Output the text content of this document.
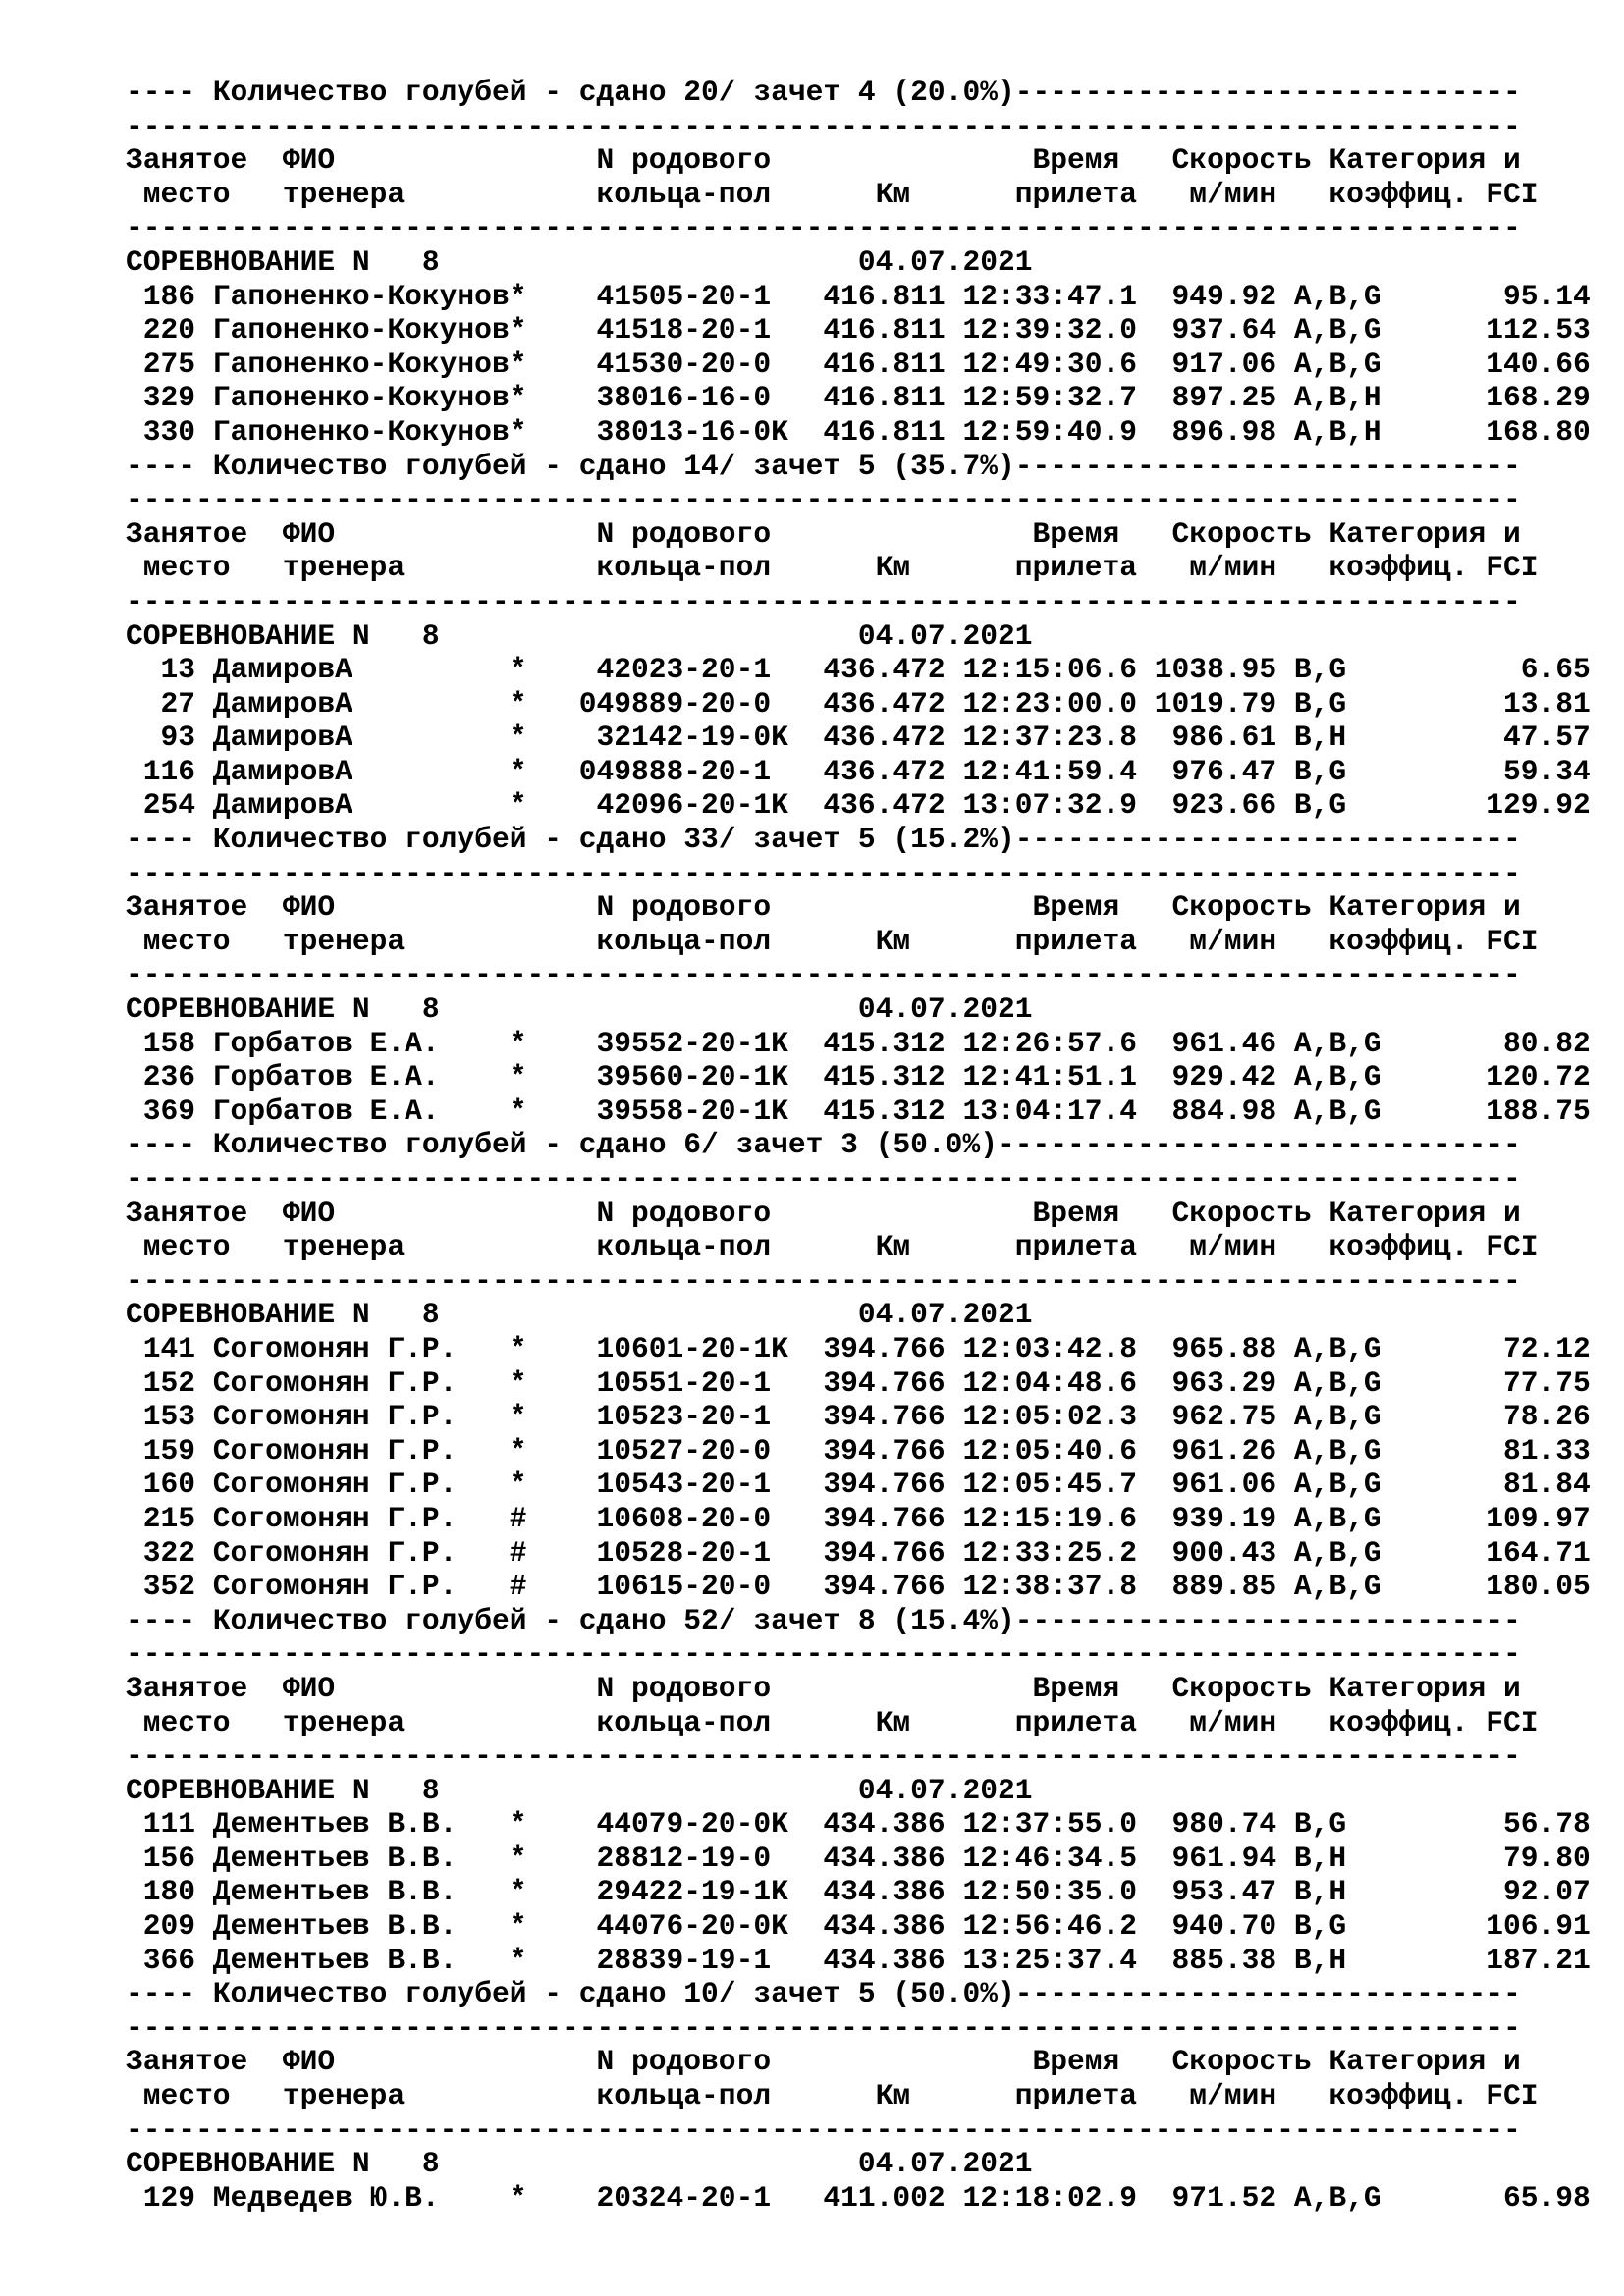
---- Количество голубей - сдано 20/ зачет 4 (20.0%)-----------------------------
--------------------------------------------------------------------------------
Занятое  ФИО               N родового               Время   Скорость Категория и
место   тренера           кольца-пол      Км      прилета   м/мин   коэффиц. FCI
--------------------------------------------------------------------------------
СОРЕВНОВАНИЕ N   8                        04.07.2021
186 Гапоненко-Кокунов*    41505-20-1   416.811 12:33:47.1  949.92 A,B,G       95.14
220 Гапоненко-Кокунов*    41518-20-1   416.811 12:39:32.0  937.64 A,B,G      112.53
275 Гапоненко-Кокунов*    41530-20-0   416.811 12:49:30.6  917.06 A,B,G      140.66
329 Гапоненко-Кокунов*    38016-16-0   416.811 12:59:32.7  897.25 A,B,H      168.29
330 Гапоненко-Кокунов*    38013-16-0K  416.811 12:59:40.9  896.98 A,B,H      168.80
---- Количество голубей - сдано 14/ зачет 5 (35.7%)-----------------------------
--------------------------------------------------------------------------------
Занятое  ФИО               N родового               Время   Скорость Категория и
место   тренера           кольца-пол      Км      прилета   м/мин   коэффиц. FCI
--------------------------------------------------------------------------------
СОРЕВНОВАНИЕ N   8                        04.07.2021
13 ДамировА         *    42023-20-1   436.472 12:15:06.6 1038.95 B,G          6.65
27 ДамировА         *   049889-20-0   436.472 12:23:00.0 1019.79 B,G         13.81
93 ДамировА         *    32142-19-0K  436.472 12:37:23.8  986.61 B,H         47.57
116 ДамировА         *   049888-20-1   436.472 12:41:59.4  976.47 B,G         59.34
254 ДамировА         *    42096-20-1K  436.472 13:07:32.9  923.66 B,G        129.92
---- Количество голубей - сдано 33/ зачет 5 (15.2%)-----------------------------
--------------------------------------------------------------------------------
Занятое  ФИО               N родового               Время   Скорость Категория и
место   тренера           кольца-пол      Км      прилета   м/мин   коэффиц. FCI
--------------------------------------------------------------------------------
СОРЕВНОВАНИЕ N   8                        04.07.2021
158 Горбатов Е.А.    *    39552-20-1K  415.312 12:26:57.6  961.46 A,B,G       80.82
236 Горбатов Е.А.    *    39560-20-1K  415.312 12:41:51.1  929.42 A,B,G      120.72
369 Горбатов Е.А.    *    39558-20-1K  415.312 13:04:17.4  884.98 A,B,G      188.75
---- Количество голубей - сдано 6/ зачет 3 (50.0%)------------------------------
--------------------------------------------------------------------------------
Занятое  ФИО               N родового               Время   Скорость Категория и
место   тренера           кольца-пол      Км      прилета   м/мин   коэффиц. FCI
--------------------------------------------------------------------------------
СОРЕВНОВАНИЕ N   8                        04.07.2021
141 Согомонян Г.Р.   *    10601-20-1K  394.766 12:03:42.8  965.88 A,B,G       72.12
152 Согомонян Г.Р.   *    10551-20-1   394.766 12:04:48.6  963.29 A,B,G       77.75
153 Согомонян Г.Р.   *    10523-20-1   394.766 12:05:02.3  962.75 A,B,G       78.26
159 Согомонян Г.Р.   *    10527-20-0   394.766 12:05:40.6  961.26 A,B,G       81.33
160 Согомонян Г.Р.   *    10543-20-1   394.766 12:05:45.7  961.06 A,B,G       81.84
215 Согомонян Г.Р.   #    10608-20-0   394.766 12:15:19.6  939.19 A,B,G      109.97
322 Согомонян Г.Р.   #    10528-20-1   394.766 12:33:25.2  900.43 A,B,G      164.71
352 Согомонян Г.Р.   #    10615-20-0   394.766 12:38:37.8  889.85 A,B,G      180.05
---- Количество голубей - сдано 52/ зачет 8 (15.4%)-----------------------------
--------------------------------------------------------------------------------
Занятое  ФИО               N родового               Время   Скорость Категория и
место   тренера           кольца-пол      Км      прилета   м/мин   коэффиц. FCI
--------------------------------------------------------------------------------
СОРЕВНОВАНИЕ N   8                        04.07.2021
111 Дементьев В.В.   *    44079-20-0K  434.386 12:37:55.0  980.74 B,G         56.78
156 Дементьев В.В.   *    28812-19-0   434.386 12:46:34.5  961.94 B,H         79.80
180 Дементьев В.В.   *    29422-19-1K  434.386 12:50:35.0  953.47 B,H         92.07
209 Дементьев В.В.   *    44076-20-0K  434.386 12:56:46.2  940.70 B,G        106.91
366 Дементьев В.В.   *    28839-19-1   434.386 13:25:37.4  885.38 B,H        187.21
---- Количество голубей - сдано 10/ зачет 5 (50.0%)-----------------------------
--------------------------------------------------------------------------------
Занятое  ФИО               N родового               Время   Скорость Категория и
место   тренера           кольца-пол      Км      прилета   м/мин   коэффиц. FCI
--------------------------------------------------------------------------------
СОРЕВНОВАНИЕ N   8                        04.07.2021
129 Медведев Ю.В.    *    20324-20-1   411.002 12:18:02.9  971.52 A,B,G       65.98
